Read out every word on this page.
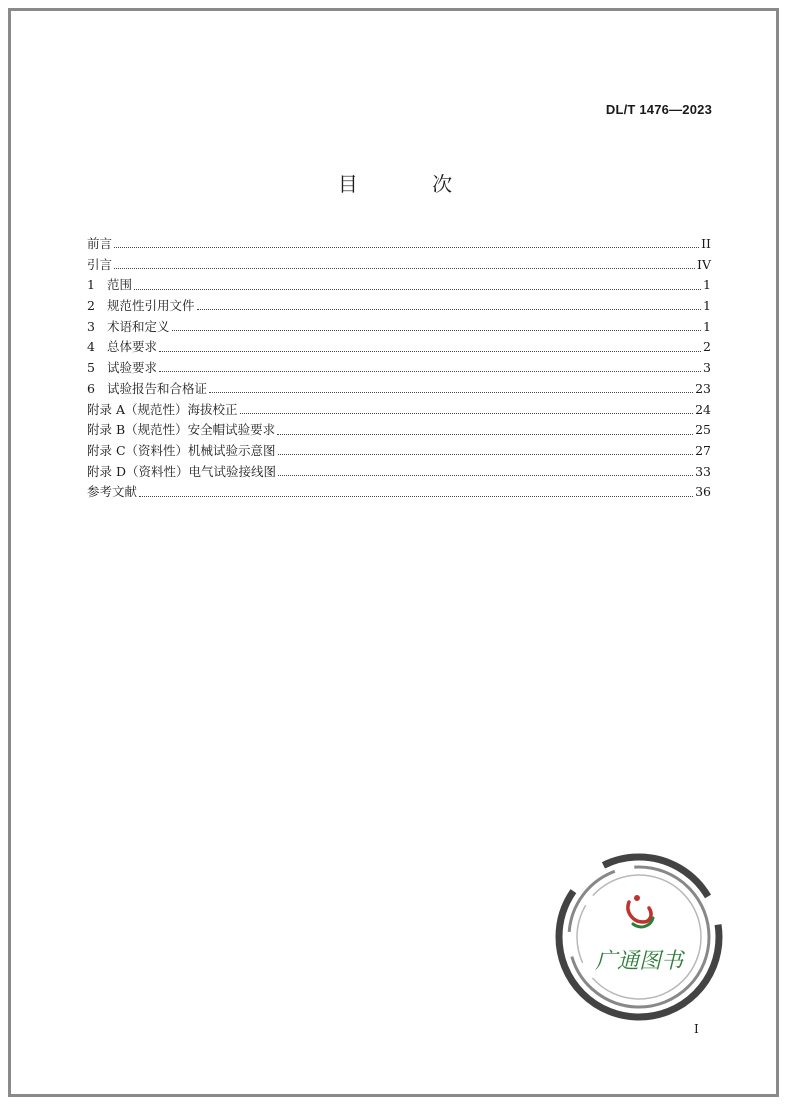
DL/T 1476—2023
目 次
前言	II
引言	IV
1 范围	1
2 规范性引用文件	1
3 术语和定义	1
4 总体要求	2
5 试验要求	3
6 试验报告和合格证	23
附录 A（规范性）海拔校正	24
附录 B（规范性）安全帽试验要求	25
附录 C（资料性）机械试验示意图	27
附录 D（资料性）电气试验接线图	33
参考文献	36
广通图书
I
